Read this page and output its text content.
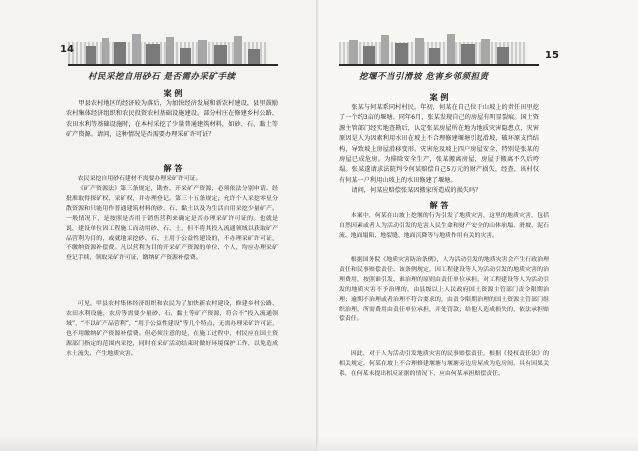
14
村民采挖自用砂石 是否需办采矿手续
案 例

甲县农村地区的经济较为落后，为加快经济发展和新农村建设，县里鼓励农村集体经济组织和农民投资农村基础设施建设。部分村庄在修建乡村公路、农田水利等基础设施时，在本村采挖了少量普通建筑材料，如砂、石、黏土等矿产资源。请问，这种情况是否需要办理采矿许可证？

解 答

农民采挖自用砂石建材不需要办理采矿许可证。

《矿产资源法》第三条规定，勘查、开采矿产资源，必须依法分别申请、经批准取得探矿权、采矿权，并办理登记。第三十五条规定，允许个人采挖零星分散资源和只能用作普通建筑材料的砂、石、黏土以及为生活自用采挖少量矿产。一般情况下，是按照是否用于销售营利来确定是否办理采矿许可证的。也就是说，建设单位因工程施工而动用砂、石、土，但不将其投入流通领域以获取矿产品营利为目的，或就地采挖砂、石、土用于公益性建设的，不办理采矿许可证，不缴纳资源补偿费。凡以营利为目的开采矿产资源的单位、个人，均应办理采矿登记手续，领取采矿许可证，缴纳矿产资源补偿费。

可见，甲县农村集体经济组织和农民为了加快新农村建设，修建乡村公路、农田水利设施，农房等需要少量砂、石、黏土等矿产资源，符合不“投入流通领域”，“不以矿产品营利”，“用于公益性建设”等几个特点，无需办理采矿许可证，也不用缴纳矿产资源补偿费。但必须注意的是，在施工过程中，村民应在国土资源部门指定的范围内采挖，同时在采矿活动结束时做好环境保护工作，以免造成水土流失、产生地质灾害。

15
挖堰不当引滑坡 危害乡邻须担责
案 例

张某与何某系同村村民。年初，何某在自己位于山坡上的责任田里挖了一个约3亩的堰塘。同年6月，张某发现自己的房屋有明显裂痕。国土资源主管部门经实地查勘后，认定张某房屋所在地为地质灾害隐患点，灾害原因是人为因素利用水田在坡上不合理修建堰塘引起滑坡，破坏原支挡结构，导致坡上房屋滑移变形。灾害危及坡上四户房屋安全，特别是张某的房屋已成危房。为排除安全生产，张某搬离房屋，房屋于搬离不久后垮塌。张某遂请求法院判令何某赔偿自己5万元的财产损失，经查，该村仅有何某一户利用山坡上的水田修建了堰塘。

请问，何某应赔偿张某因搬家所造成的损失吗？

解 答

本案中，何某在山坡上挖堰的行为引发了地质灾害，这里的地质灾害，包括自然因素或者人为活动引发的危害人民生命和财产安全的山体崩塌、滑坡、泥石流、地面塌陷、地裂缝、地面沉降等与地质作用有关的灾害。

根据国务院《地质灾害防治条例》，人为活动引发的地质灾害会产生行政治理责任和民事赔偿责任。该条例规定，因工程建设等人为活动引发的地质灾害的治理费用，按照谁引发、谁治理的原则由责任单位承担。对工程建设等人为活动引发的地质灾害不予治理的，由县级以上人民政府国土资源主管部门责令限期治理；逾期不治理或者治理不符合要求的，由责令限期治理的国土资源主管部门组织治理，所需费用由责任单位承担，并处罚款；给他人造成损失的，依法承担赔偿责任。

因此，对于人为活动引发地质灾害的民事赔偿责任，根据《侵权责任法》的相关规定，何某在坡上不合理修建堰塘与堰塘旁边房屋成为危房间，具有因果关系，在何某未提出相反证据的情况下，应由何某承担赔偿责任。
